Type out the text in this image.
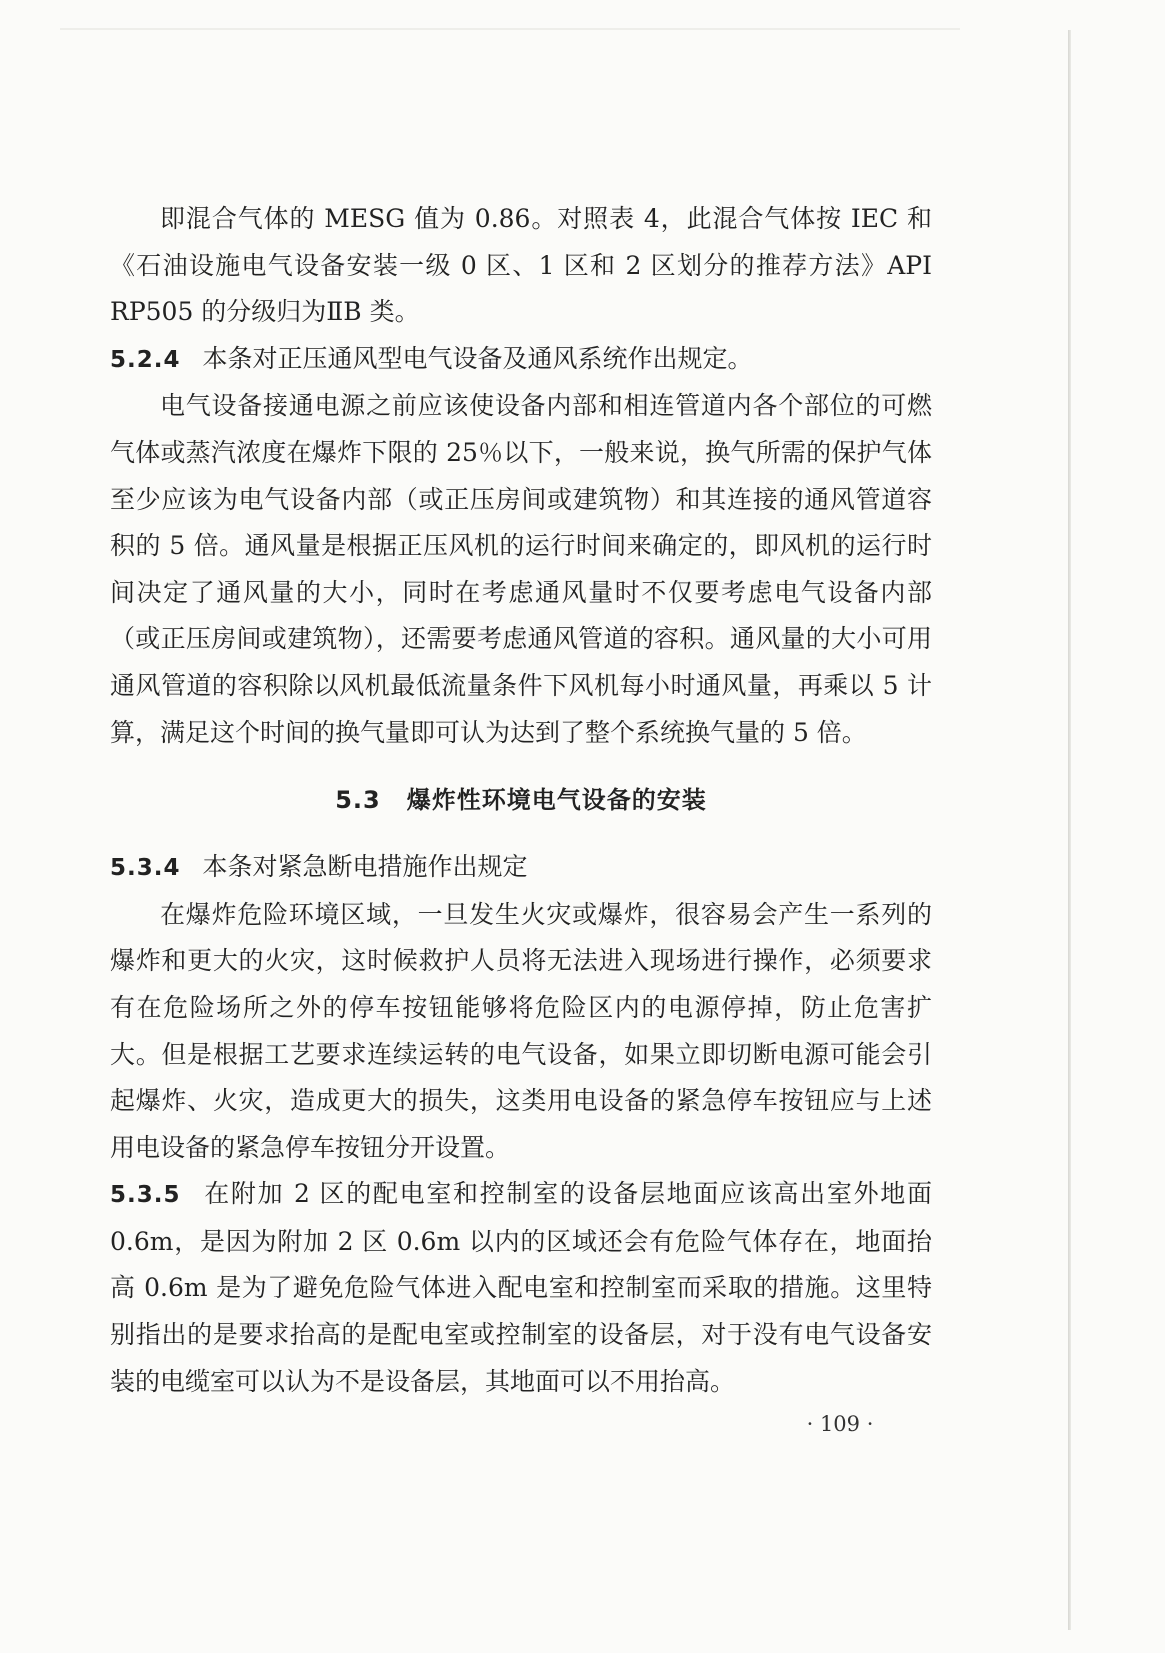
即混合气体的 MESG 值为 0.86。对照表 4，此混合气体按 IEC 和《石油设施电气设备安装一级 0 区、1 区和 2 区划分的推荐方法》API RP505 的分级归为ⅡB 类。

5.2.4 本条对正压通风型电气设备及通风系统作出规定。

电气设备接通电源之前应该使设备内部和相连管道内各个部位的可燃气体或蒸汽浓度在爆炸下限的 25％以下，一般来说，换气所需的保护气体至少应该为电气设备内部（或正压房间或建筑物）和其连接的通风管道容积的 5 倍。通风量是根据正压风机的运行时间来确定的，即风机的运行时间决定了通风量的大小，同时在考虑通风量时不仅要考虑电气设备内部（或正压房间或建筑物），还需要考虑通风管道的容积。通风量的大小可用通风管道的容积除以风机最低流量条件下风机每小时通风量，再乘以 5 计算，满足这个时间的换气量即可认为达到了整个系统换气量的 5 倍。

5.3 爆炸性环境电气设备的安装

5.3.4 本条对紧急断电措施作出规定

在爆炸危险环境区域，一旦发生火灾或爆炸，很容易会产生一系列的爆炸和更大的火灾，这时候救护人员将无法进入现场进行操作，必须要求有在危险场所之外的停车按钮能够将危险区内的电源停掉，防止危害扩大。但是根据工艺要求连续运转的电气设备，如果立即切断电源可能会引起爆炸、火灾，造成更大的损失，这类用电设备的紧急停车按钮应与上述用电设备的紧急停车按钮分开设置。

5.3.5 在附加 2 区的配电室和控制室的设备层地面应该高出室外地面 0.6m，是因为附加 2 区 0.6m 以内的区域还会有危险气体存在，地面抬高 0.6m 是为了避免危险气体进入配电室和控制室而采取的措施。这里特别指出的是要求抬高的是配电室或控制室的设备层，对于没有电气设备安装的电缆室可以认为不是设备层，其地面可以不用抬高。

· 109 ·
